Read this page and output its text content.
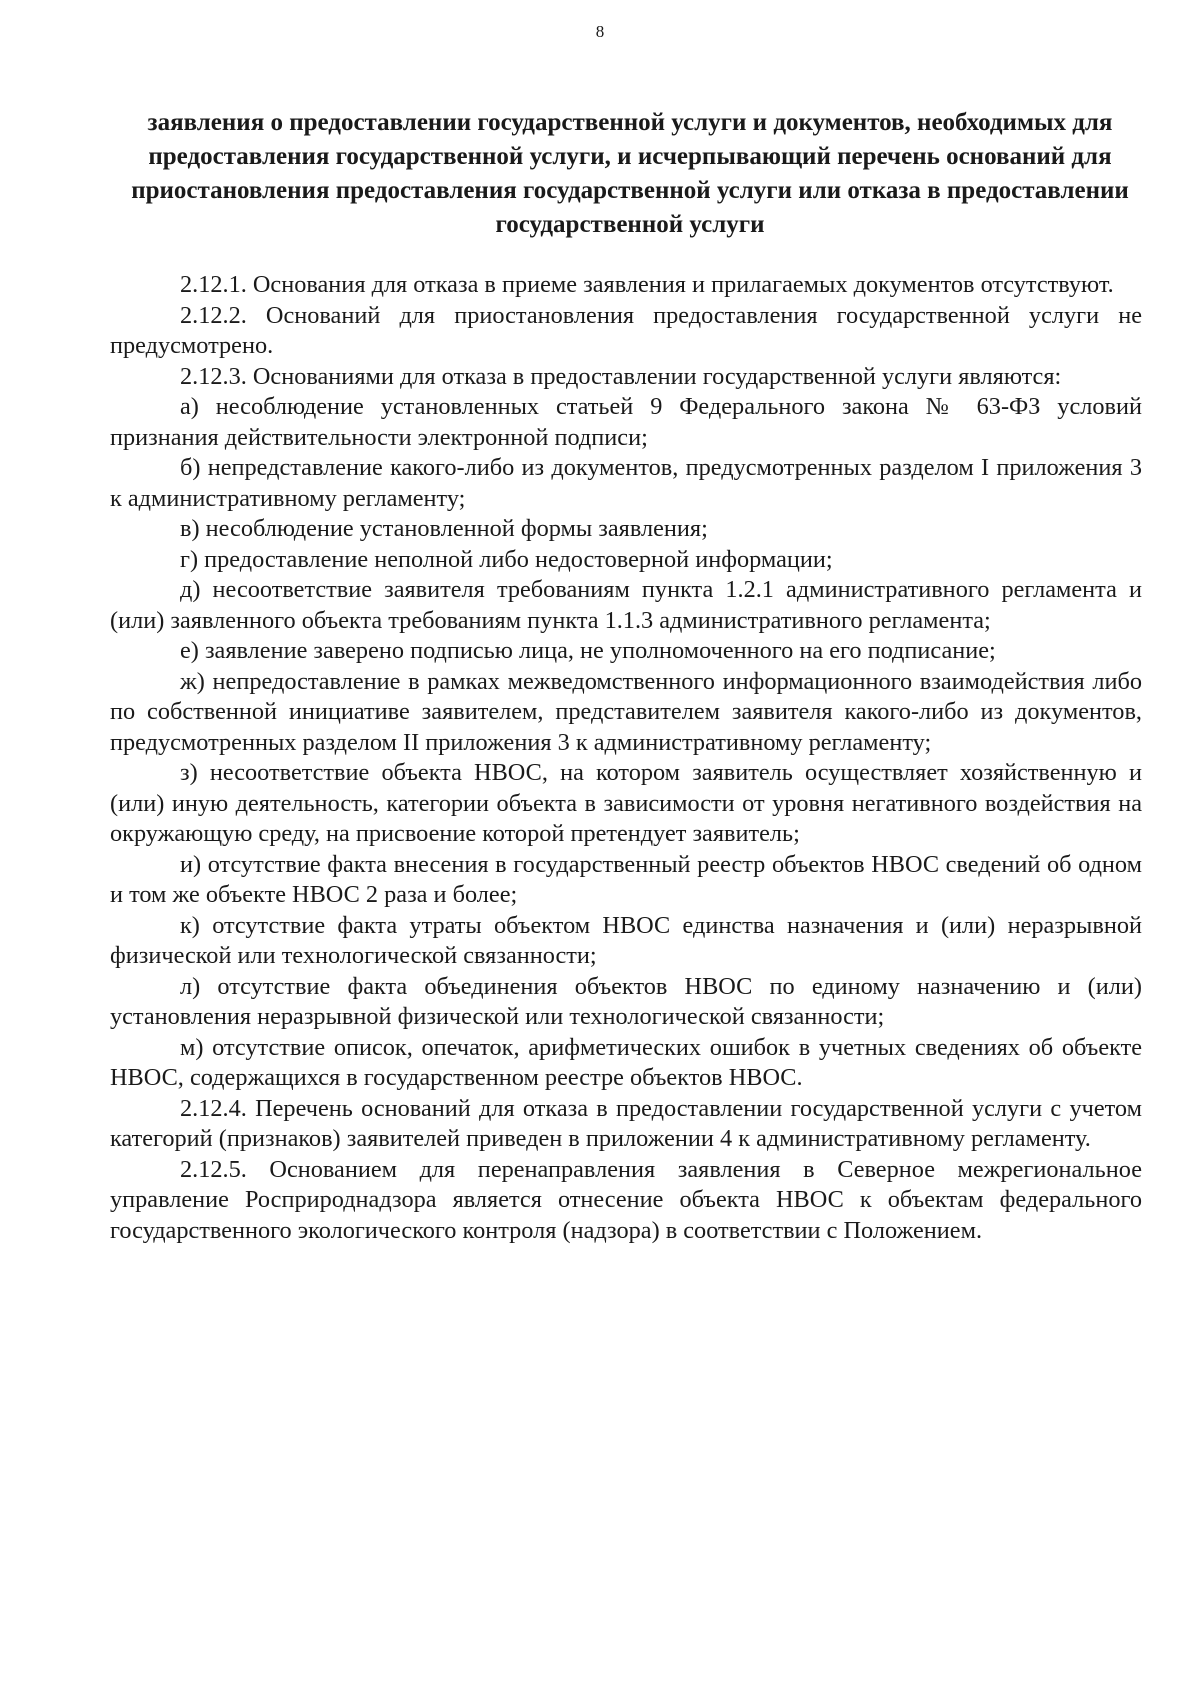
8
заявления о предоставлении государственной услуги и документов, необходимых для предоставления государственной услуги, и исчерпывающий перечень оснований для приостановления предоставления государственной услуги или отказа в предоставлении государственной услуги

2.12.1. Основания для отказа в приеме заявления и прилагаемых документов отсутствуют.

2.12.2. Оснований для приостановления предоставления государственной услуги не предусмотрено.

2.12.3. Основаниями для отказа в предоставлении государственной услуги являются:

а) несоблюдение установленных статьей 9 Федерального закона № 63-ФЗ условий признания действительности электронной подписи;

б) непредставление какого-либо из документов, предусмотренных разделом I приложения 3 к административному регламенту;

в) несоблюдение установленной формы заявления;

г) предоставление неполной либо недостоверной информации;

д) несоответствие заявителя требованиям пункта 1.2.1 административного регламента и (или) заявленного объекта требованиям пункта 1.1.3 административного регламента;

е) заявление заверено подписью лица, не уполномоченного на его подписание;

ж) непредоставление в рамках межведомственного информационного взаимодействия либо по собственной инициативе заявителем, представителем заявителя какого-либо из документов, предусмотренных разделом II приложения 3 к административному регламенту;

з) несоответствие объекта НВОС, на котором заявитель осуществляет хозяйственную и (или) иную деятельность, категории объекта в зависимости от уровня негативного воздействия на окружающую среду, на присвоение которой претендует заявитель;

и) отсутствие факта внесения в государственный реестр объектов НВОС сведений об одном и том же объекте НВОС 2 раза и более;

к) отсутствие факта утраты объектом НВОС единства назначения и (или) неразрывной физической или технологической связанности;

л) отсутствие факта объединения объектов НВОС по единому назначению и (или) установления неразрывной физической или технологической связанности;

м) отсутствие описок, опечаток, арифметических ошибок в учетных сведениях об объекте НВОС, содержащихся в государственном реестре объектов НВОС.

2.12.4. Перечень оснований для отказа в предоставлении государственной услуги с учетом категорий (признаков) заявителей приведен в приложении 4 к административному регламенту.

2.12.5. Основанием для перенаправления заявления в Северное межрегиональное управление Росприроднадзора является отнесение объекта НВОС к объектам федерального государственного экологического контроля (надзора) в соответствии с Положением.
